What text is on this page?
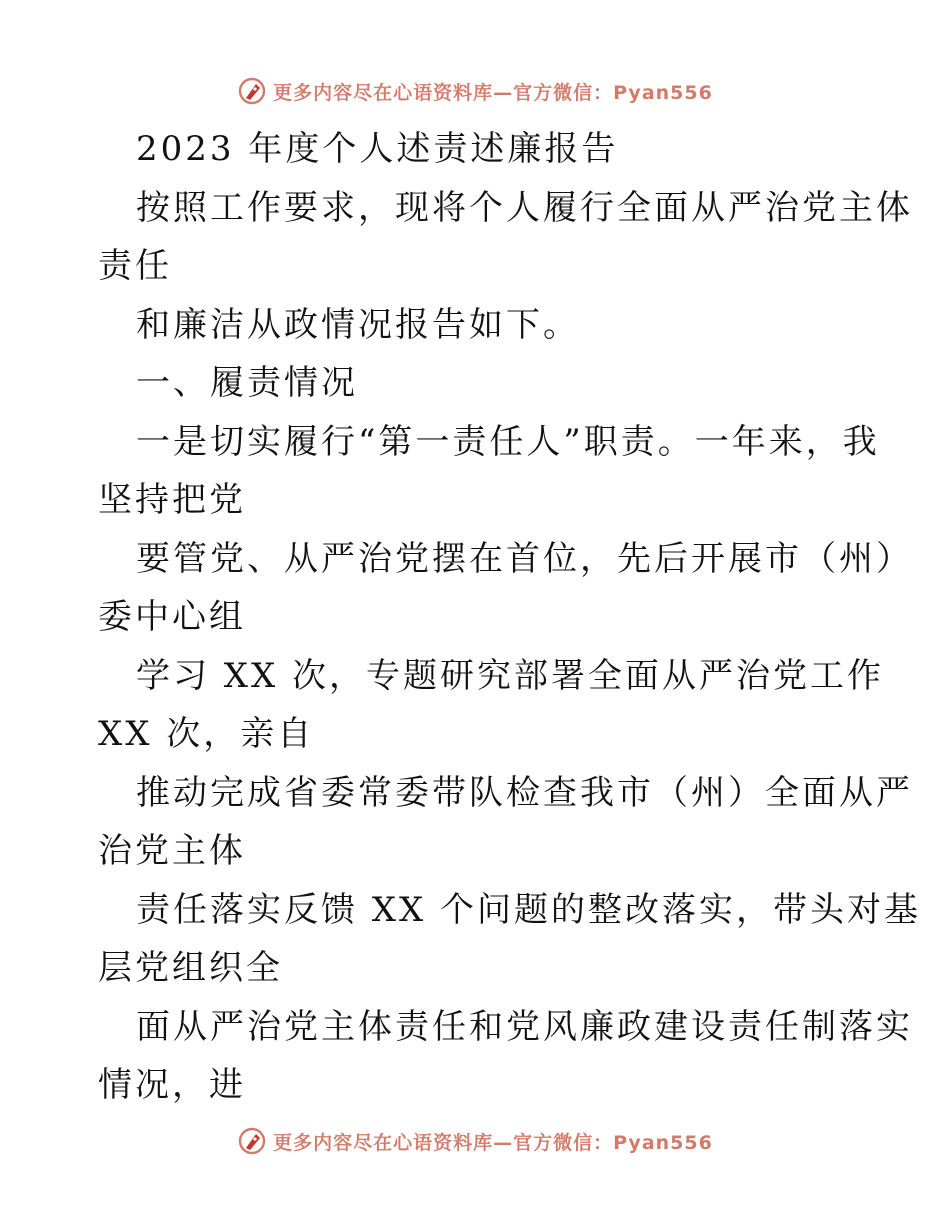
更多内容尽在心语资料库—官方微信：Pyan556
2023 年度个人述责述廉报告
按照工作要求，现将个人履行全面从严治党主体
责任
和廉洁从政情况报告如下。
一、履责情况
一是切实履行“第一责任人”职责。一年来，我
坚持把党
要管党、从严治党摆在首位，先后开展市（州）
委中心组
学习 XX 次，专题研究部署全面从严治党工作
XX 次，亲自
推动完成省委常委带队检查我市（州）全面从严
治党主体
责任落实反馈 XX 个问题的整改落实，带头对基
层党组织全
面从严治党主体责任和党风廉政建设责任制落实
情况，进
更多内容尽在心语资料库—官方微信：Pyan556
